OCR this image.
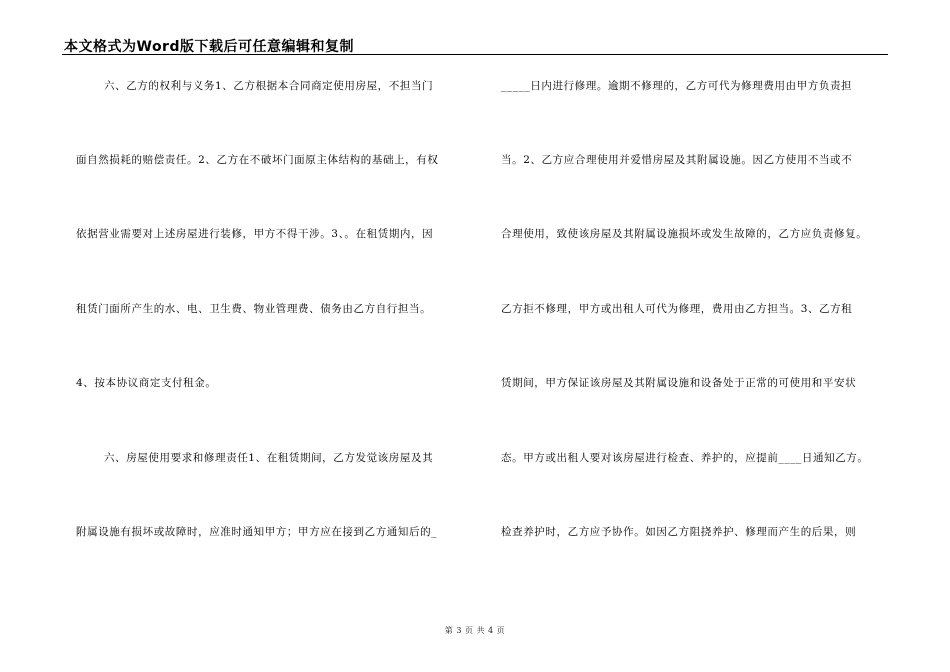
本文格式为Word版下载后可任意编辑和复制
六、乙方的权利与义务1、乙方根据本合同商定使用房屋，不担当门
面自然损耗的赔偿责任。2、乙方在不破坏门面原主体结构的基础上，有权
依据营业需要对上述房屋进行装修，甲方不得干涉。3、。在租赁期内，因
租赁门面所产生的水、电、卫生费、物业管理费、债务由乙方自行担当。
4、按本协议商定支付租金。
六、房屋使用要求和修理责任1、在租赁期间，乙方发觉该房屋及其
附属设施有损坏或故障时，应准时通知甲方；甲方应在接到乙方通知后的_
_____日内进行修理。逾期不修理的，乙方可代为修理费用由甲方负责担
当。2、乙方应合理使用并爱惜房屋及其附属设施。因乙方使用不当或不
合理使用，致使该房屋及其附属设施损坏或发生故障的，乙方应负责修复。
乙方拒不修理，甲方或出租人可代为修理，费用由乙方担当。3、乙方租
赁期间，甲方保证该房屋及其附属设施和设备处于正常的可使用和平安状
态。甲方或出租人要对该房屋进行检查、养护的，应提前____日通知乙方。
检查养护时，乙方应予协作。如因乙方阻挠养护、修理而产生的后果，则
第 3 页 共 4 页
